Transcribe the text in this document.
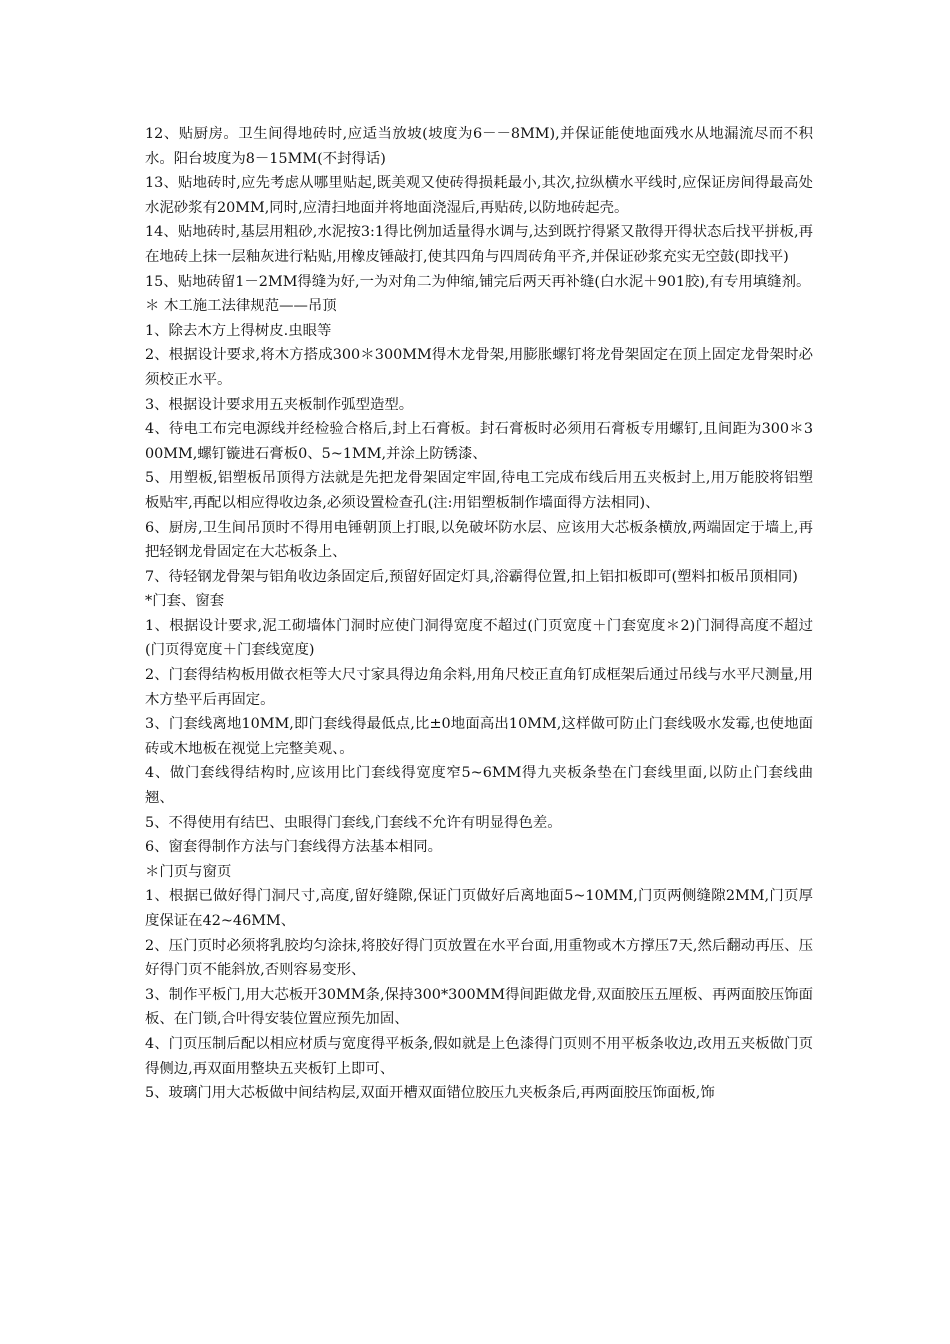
12、贴厨房。卫生间得地砖时,应适当放坡(坡度为6－－8MM),并保证能使地面残水从地漏流尽而不积水。阳台坡度为8－15MM(不封得话)

13、贴地砖时,应先考虑从哪里贴起,既美观又使砖得损耗最小,其次,拉纵横水平线时,应保证房间得最高处水泥砂浆有20MM,同时,应清扫地面并将地面浇湿后,再贴砖,以防地砖起壳。

14、贴地砖时,基层用粗砂,水泥按3:1得比例加适量得水调与,达到既拧得紧又散得开得状态后找平拼板,再在地砖上抹一层釉灰进行粘贴,用橡皮锤敲打,使其四角与四周砖角平齐,并保证砂浆充实无空鼓(即找平)

15、贴地砖留1－2MM得缝为好,一为对角二为伸缩,铺完后两天再补缝(白水泥＋901胶),有专用填缝剂。

＊ 木工施工法律规范——吊顶

1、除去木方上得树皮.虫眼等

2、根据设计要求,将木方搭成300＊300MM得木龙骨架,用膨胀螺钉将龙骨架固定在顶上固定龙骨架时必须校正水平。

3、根据设计要求用五夹板制作弧型造型。

4、待电工布完电源线并经检验合格后,封上石膏板。封石膏板时必须用石膏板专用螺钉,且间距为300＊300MM,螺钉镟进石膏板0、5~1MM,并涂上防锈漆、

5、用塑板,铝塑板吊顶得方法就是先把龙骨架固定牢固,待电工完成布线后用五夹板封上,用万能胶将铝塑板贴牢,再配以相应得收边条,必须设置检查孔(注:用铝塑板制作墙面得方法相同)、

6、厨房,卫生间吊顶时不得用电锤朝顶上打眼,以免破坏防水层、应该用大芯板条横放,两端固定于墙上,再把轻钢龙骨固定在大芯板条上、

7、待轻钢龙骨架与铝角收边条固定后,预留好固定灯具,浴霸得位置,扣上铝扣板即可(塑料扣板吊顶相同)

*门套、窗套

1、根据设计要求,泥工砌墙体门洞时应使门洞得宽度不超过(门页宽度＋门套宽度＊2)门洞得高度不超过(门页得宽度＋门套线宽度)

2、门套得结构板用做衣柜等大尺寸家具得边角余料,用角尺校正直角钉成框架后通过吊线与水平尺测量,用木方垫平后再固定。

3、门套线离地10MM,即门套线得最低点,比±0地面高出10MM,这样做可防止门套线吸水发霉,也使地面砖或木地板在视觉上完整美观、。

4、做门套线得结构时,应该用比门套线得宽度窄5~6MM得九夹板条垫在门套线里面,以防止门套线曲翘、

5、不得使用有结巴、虫眼得门套线,门套线不允许有明显得色差。

6、窗套得制作方法与门套线得方法基本相同。

＊门页与窗页

1、根据已做好得门洞尺寸,高度,留好缝隙,保证门页做好后离地面5~10MM,门页两侧缝隙2MM,门页厚度保证在42~46MM、

2、压门页时必须将乳胶均匀涂抹,将胶好得门页放置在水平台面,用重物或木方撑压7天,然后翻动再压、压好得门页不能斜放,否则容易变形、

3、制作平板门,用大芯板开30MM条,保持300*300MM得间距做龙骨,双面胶压五厘板、再两面胶压饰面板、在门锁,合叶得安装位置应预先加固、

4、门页压制后配以相应材质与宽度得平板条,假如就是上色漆得门页则不用平板条收边,改用五夹板做门页得侧边,再双面用整块五夹板钉上即可、

5、玻璃门用大芯板做中间结构层,双面开槽双面错位胶压九夹板条后,再两面胶压饰面板,饰
